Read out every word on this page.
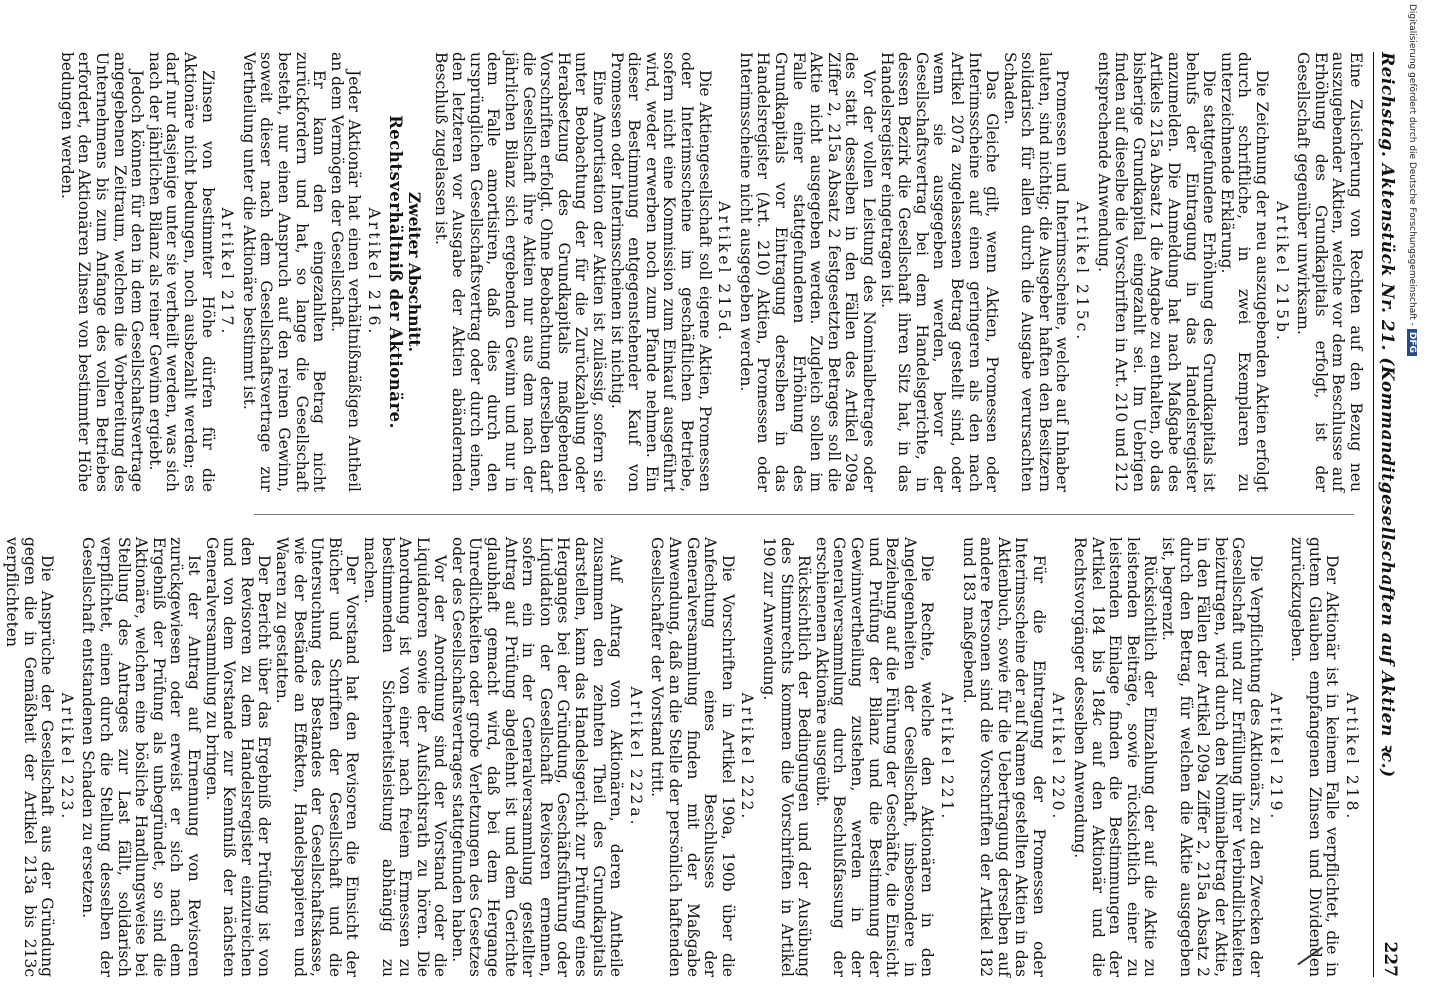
Reichstag. Aktenstück Nr. 21. (Kommanditgesellschaften auf Aktien ꝛc.)
227

Eine Zusicherung von Rechten auf den Bezug neu auszugebender Aktien, welche vor dem Beschlusse auf Erhöhung des Grundkapitals erfolgt, ist der Gesellschaft gegenüber unwirksam.

Artikel 215b.

Die Zeichnung der neu auszugebenden Aktien erfolgt durch schriftliche, in zwei Exemplaren zu unterzeichnende Erklärung.

Die stattgefundene Erhöhung des Grundkapitals ist behufs der Eintragung in das Handelsregister anzumelden. Die Anmeldung hat nach Maßgabe des Artikels 215a Absatz 1 die Angabe zu enthalten, ob das bisherige Grundkapital eingezahlt sei. Im Uebrigen finden auf dieselbe die Vorschriften in Art. 210 und 212 entsprechende Anwendung.

Artikel 215c.

Promessen und Interimsscheine, welche auf Inhaber lauten, sind nichtig; die Ausgeber haften den Besitzern solidarisch für allen durch die Ausgabe verursachten Schaden.

Das Gleiche gilt, wenn Aktien, Promessen oder Interimsscheine auf einen geringeren als den nach Artikel 207a zugelassenen Betrag gestellt sind, oder wenn sie ausgegeben werden, bevor der Gesellschaftsvertrag bei dem Handelsgerichte, in dessen Bezirk die Gesellschaft ihren Sitz hat, in das Handelsregister eingetragen ist.

Vor der vollen Leistung des Nominalbetrages oder des statt desselben in den Fällen des Artikel 209a Ziffer 2, 215a Absatz 2 festgesetzten Betrages soll die Aktie nicht ausgegeben werden. Zugleich sollen im Falle einer stattgefundenen Erhöhung des Grundkapitals vor Eintragung derselben in das Handelsregister (Art. 210) Aktien, Promessen oder Interimsscheine nicht ausgegeben werden.

Artikel 215d.

Die Aktiengesellschaft soll eigene Aktien, Promessen oder Interimsscheine im geschäftlichen Betriebe, sofern nicht eine Kommission zum Einkauf ausgeführt wird, weder erwerben noch zum Pfande nehmen. Ein dieser Bestimmung entgegenstehender Kauf von Promessen oder Interimsscheinen ist nichtig.

Eine Amortisation der Aktien ist zulässig, sofern sie unter Beobachtung der für die Zurückzahlung oder Herabsetzung des Grundkapitals maßgebenden Vorschriften erfolgt. Ohne Beobachtung derselben darf die Gesellschaft ihre Aktien nur aus dem nach der jährlichen Bilanz sich ergebenden Gewinn und nur in dem Falle amortisiren, daß dies durch den ursprünglichen Gesellschaftsvertrag oder durch einen, den letzteren vor Ausgabe der Aktien abändernden Beschluß zugelassen ist.

Zweiter Abschnitt.
Rechtsverhältniß der Aktionäre.
Artikel 216.

Jeder Aktionär hat einen verhältnißmäßigen Antheil an dem Vermögen der Gesellschaft.

Er kann den eingezahlten Betrag nicht zurückfordern und hat, so lange die Gesellschaft besteht, nur einen Anspruch auf den reinen Gewinn, soweit dieser nach dem Gesellschaftsvertrage zur Vertheilung unter die Aktionäre bestimmt ist.

Artikel 217.

Zinsen von bestimmter Höhe dürfen für die Aktionäre nicht bedungen, noch ausbezahlt werden; es darf nur dasjenige unter sie vertheilt werden, was sich nach der jährlichen Bilanz als reiner Gewinn ergiebt.

Jedoch können für den in dem Gesellschaftsvertrage angegebenen Zeitraum, welchen die Vorbereitung des Unternehmens bis zum Anfange des vollen Betriebes erfordert, den Aktionären Zinsen von bestimmter Höhe bedungen werden.

Artikel 218.

Der Aktionär ist in keinem Falle verpflichtet, die in gutem Glauben empfangenen Zinsen und Dividenden zurückzugeben.

Artikel 219.

Die Verpflichtung des Aktionärs, zu den Zwecken der Gesellschaft und zur Erfüllung ihrer Verbindlichkeiten beizutragen, wird durch den Nominalbetrag der Aktie, in den Fällen der Artikel 209a Ziffer 2, 215a Absatz 2 durch den Betrag, für welchen die Aktie ausgegeben ist, begrenzt.

Rücksichtlich der Einzahlung der auf die Aktie zu leistenden Beiträge, sowie rücksichtlich einer zu leistenden Einlage finden die Bestimmungen der Artikel 184 bis 184c auf den Aktionär und die Rechtsvorgänger desselben Anwendung.

Artikel 220.

Für die Eintragung der Promessen oder Interimsscheine der auf Namen gestellten Aktien in das Aktienbuch, sowie für die Uebertragung derselben auf andere Personen sind die Vorschriften der Artikel 182 und 183 maßgebend.

Artikel 221.

Die Rechte, welche den Aktionären in den Angelegenheiten der Gesellschaft, insbesondere in Beziehung auf die Führung der Geschäfte, die Einsicht und Prüfung der Bilanz und die Bestimmung der Gewinnvertheilung zustehen, werden in der Generalversammlung durch Beschlußfassung der erschienenen Aktionäre ausgeübt.

Rücksichtlich der Bedingungen und der Ausübung des Stimmrechts kommen die Vorschriften in Artikel 190 zur Anwendung.

Artikel 222.

Die Vorschriften in Artikel 190a, 190b über die Anfechtung eines Beschlusses der Generalversammlung finden mit der Maßgabe Anwendung, daß an die Stelle der persönlich haftenden Gesellschafter der Vorstand tritt.

Artikel 222a.

Auf Antrag von Aktionären, deren Antheile zusammen den zehnten Theil des Grundkapitals darstellen, kann das Handelsgericht zur Prüfung eines Herganges bei der Gründung, Geschäftsführung oder Liquidation der Gesellschaft Revisoren ernennen, sofern ein in der Generalversammlung gestellter Antrag auf Prüfung abgelehnt ist und dem Gerichte glaubhaft gemacht wird, daß bei dem Hergange Unredlichkeiten oder grobe Verletzungen des Gesetzes oder des Gesellschaftsvertrages stattgefunden haben.

Vor der Anordnung sind der Vorstand oder die Liquidatoren sowie der Aufsichtsrath zu hören. Die Anordnung ist von einer nach freiem Ermessen zu bestimmenden Sicherheitsleistung abhängig zu machen.

Der Vorstand hat den Revisoren die Einsicht der Bücher und Schriften der Gesellschaft und die Untersuchung des Bestandes der Gesellschaftskasse, wie der Bestände an Effekten, Handelspapieren und Waaren zu gestatten.

Der Bericht über das Ergebniß der Prüfung ist von den Revisoren zu dem Handelsregister einzureichen und von dem Vorstande zur Kenntniß der nächsten Generalversammlung zu bringen.

Ist der Antrag auf Ernennung von Revisoren zurückgewiesen oder erweist er sich nach dem Ergebniß der Prüfung als unbegründet, so sind die Aktionäre, welchen eine bösliche Handlungsweise bei Stellung des Antrages zur Last fällt, solidarisch verpflichtet, einen durch die Stellung desselben der Gesellschaft entstandenen Schaden zu ersetzen.

Artikel 223.

Die Ansprüche der Gesellschaft aus der Gründung gegen die in Gemäßheit der Artikel 213a bis 213c verpflichteten

Digitalisierung gefördert durch die Deutsche Forschungsgemeinschaft -DFG
